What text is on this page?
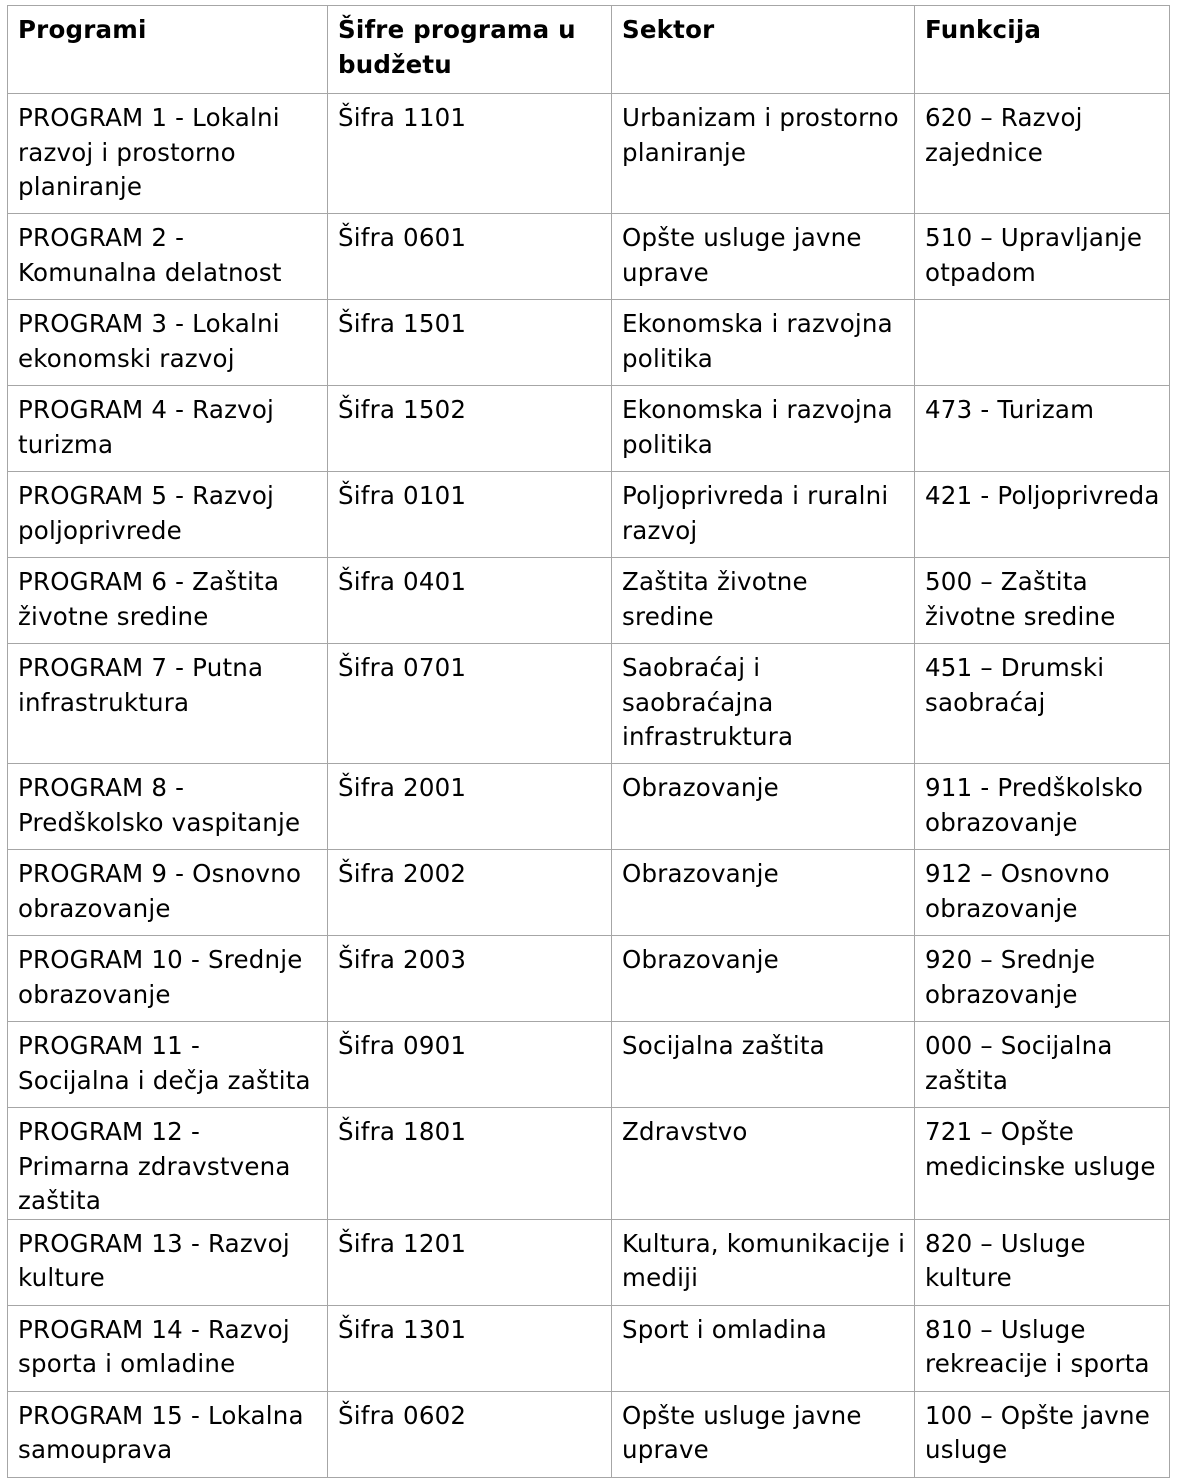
Programi	Šifre programa u budžetu	Sektor	Funkcija
PROGRAM 1 - Lokalni razvoj i prostorno planiranje	Šifra 1101	Urbanizam i prostorno planiranje	620 – Razvoj zajednice
PROGRAM 2 - Komunalna delatnost	Šifra 0601	Opšte usluge javne uprave	510 – Upravljanje otpadom
PROGRAM 3 - Lokalni ekonomski razvoj	Šifra 1501	Ekonomska i razvojna politika	
PROGRAM 4 - Razvoj turizma	Šifra 1502	Ekonomska i razvojna politika	473 - Turizam
PROGRAM 5 - Razvoj poljoprivrede	Šifra 0101	Poljoprivreda i ruralni razvoj	421 - Poljoprivreda
PROGRAM 6 - Zaštita životne sredine	Šifra 0401	Zaštita životne sredine	500 – Zaštita životne sredine
PROGRAM 7 - Putna infrastruktura	Šifra 0701	Saobraćaj i saobraćajna infrastruktura	451 – Drumski saobraćaj
PROGRAM 8 - Predškolsko vaspitanje	Šifra 2001	Obrazovanje	911 - Predškolsko obrazovanje
PROGRAM 9 - Osnovno obrazovanje	Šifra 2002	Obrazovanje	912 – Osnovno obrazovanje
PROGRAM 10 - Srednje obrazovanje	Šifra 2003	Obrazovanje	920 – Srednje obrazovanje
PROGRAM 11 - Socijalna i dečja zaštita	Šifra 0901	Socijalna zaštita	000 – Socijalna zaštita
PROGRAM 12 - Primarna zdravstvena zaštita	Šifra 1801	Zdravstvo	721 – Opšte medicinske usluge
PROGRAM 13 - Razvoj kulture	Šifra 1201	Kultura, komunikacije i mediji	820 – Usluge kulture
PROGRAM 14 - Razvoj sporta i omladine	Šifra 1301	Sport i omladina	810 – Usluge rekreacije i sporta
PROGRAM 15 - Lokalna samouprava	Šifra 0602	Opšte usluge javne uprave	100 – Opšte javne usluge
